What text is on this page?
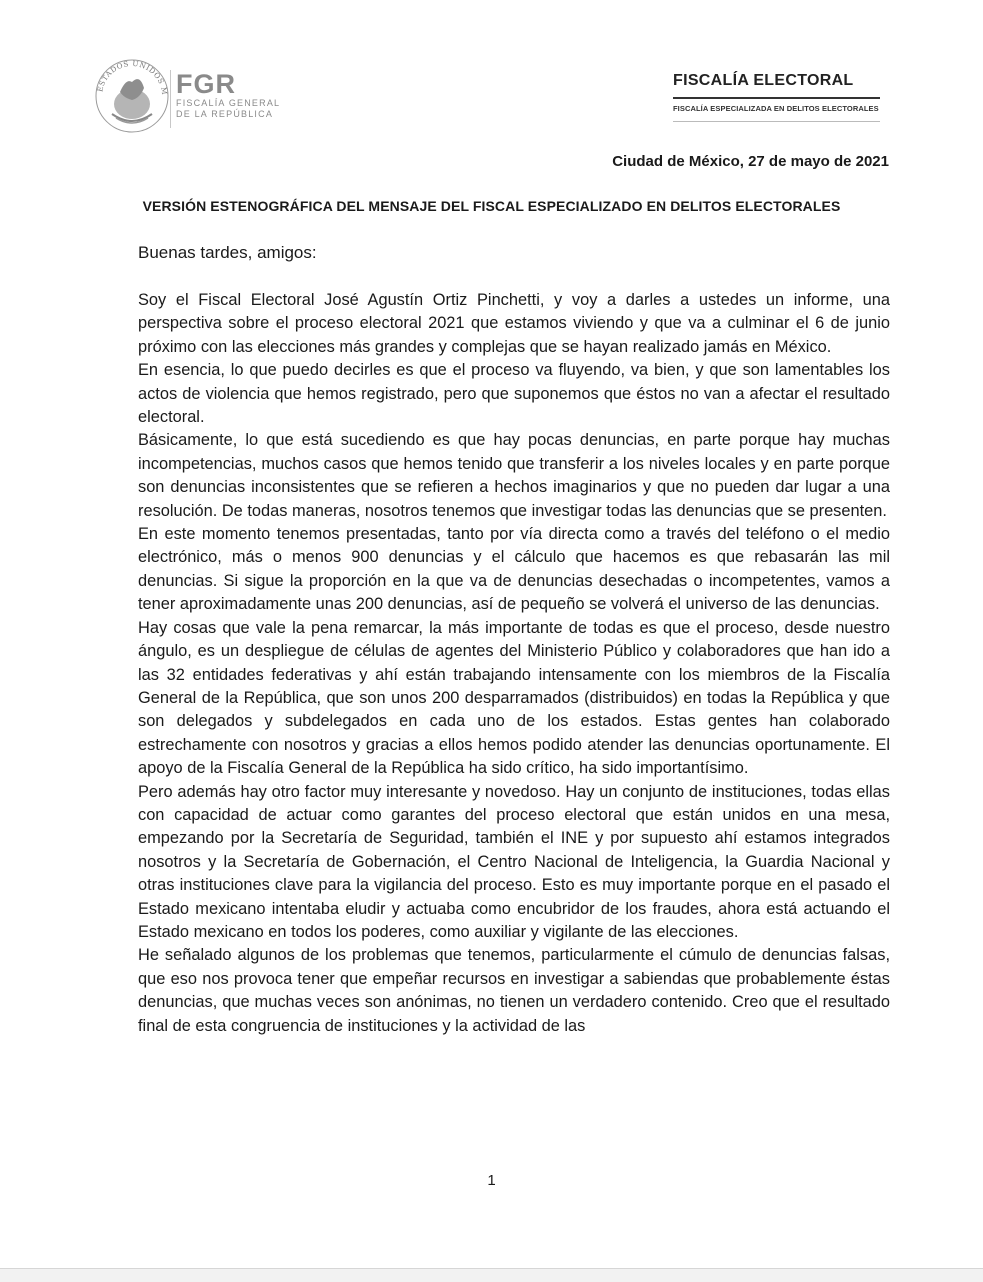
ESTADOS UNIDOS M FGR
FISCALÍA GENERAL
DE LA REPÚBLICA
FISCALÍA ELECTORAL
FISCALÍA ESPECIALIZADA EN DELITOS ELECTORALES
Ciudad de México, 27 de mayo de 2021
VERSIÓN ESTENOGRÁFICA DEL MENSAJE DEL FISCAL ESPECIALIZADO EN DELITOS ELECTORALES
Buenas tardes, amigos:

Soy el Fiscal Electoral José Agustín Ortiz Pinchetti, y voy a darles a ustedes un informe, una perspectiva sobre el proceso electoral 2021 que estamos viviendo y que va a culminar el 6 de junio próximo con las elecciones más grandes y complejas que se hayan realizado jamás en México.

En esencia, lo que puedo decirles es que el proceso va fluyendo, va bien, y que son lamentables los actos de violencia que hemos registrado, pero que suponemos que éstos no van a afectar el resultado electoral.

Básicamente, lo que está sucediendo es que hay pocas denuncias, en parte porque hay muchas incompetencias, muchos casos que hemos tenido que transferir a los niveles locales y en parte porque son denuncias inconsistentes que se refieren a hechos imaginarios y que no pueden dar lugar a una resolución. De todas maneras, nosotros tenemos que investigar todas las denuncias que se presenten.

En este momento tenemos presentadas, tanto por vía directa como a través del teléfono o el medio electrónico, más o menos 900 denuncias y el cálculo que hacemos es que rebasarán las mil denuncias. Si sigue la proporción en la que va de denuncias desechadas o incompetentes, vamos a tener aproximadamente unas 200 denuncias, así de pequeño se volverá el universo de las denuncias.

Hay cosas que vale la pena remarcar, la más importante de todas es que el proceso, desde nuestro ángulo, es un despliegue de células de agentes del Ministerio Público y colaboradores que han ido a las 32 entidades federativas y ahí están trabajando intensamente con los miembros de la Fiscalía General de la República, que son unos 200 desparramados (distribuidos) en todas la República y que son delegados y subdelegados en cada uno de los estados. Estas gentes han colaborado estrechamente con nosotros y gracias a ellos hemos podido atender las denuncias oportunamente. El apoyo de la Fiscalía General de la República ha sido crítico, ha sido importantísimo.

Pero además hay otro factor muy interesante y novedoso. Hay un conjunto de instituciones, todas ellas con capacidad de actuar como garantes del proceso electoral que están unidos en una mesa, empezando por la Secretaría de Seguridad, también el INE y por supuesto ahí estamos integrados nosotros y la Secretaría de Gobernación, el Centro Nacional de Inteligencia, la Guardia Nacional y otras instituciones clave para la vigilancia del proceso. Esto es muy importante porque en el pasado el Estado mexicano intentaba eludir y actuaba como encubridor de los fraudes, ahora está actuando el Estado mexicano en todos los poderes, como auxiliar y vigilante de las elecciones.

He señalado algunos de los problemas que tenemos, particularmente el cúmulo de denuncias falsas, que eso nos provoca tener que empeñar recursos en investigar a sabiendas que probablemente éstas denuncias, que muchas veces son anónimas, no tienen un verdadero contenido. Creo que el resultado final de esta congruencia de instituciones y la actividad de las

1
